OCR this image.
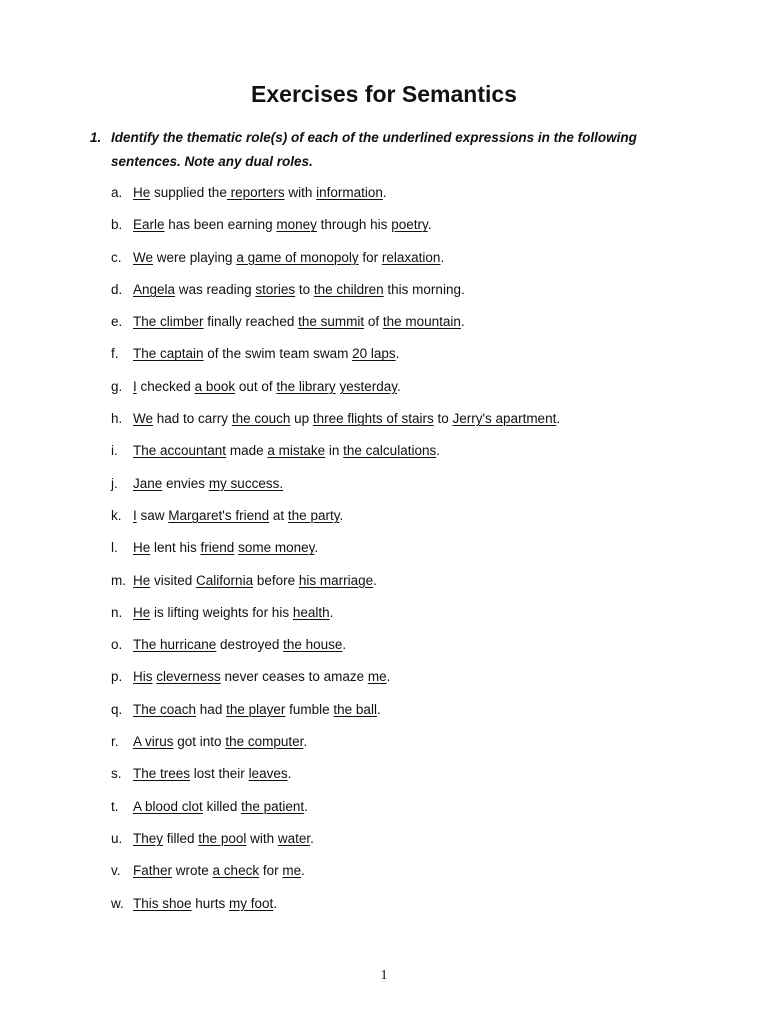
Exercises for Semantics
1. Identify the thematic role(s) of each of the underlined expressions in the following sentences. Note any dual roles.
a. He supplied the reporters with information.
b. Earle has been earning money through his poetry.
c. We were playing a game of monopoly for relaxation.
d. Angela was reading stories to the children this morning.
e. The climber finally reached the summit of the mountain.
f. The captain of the swim team swam 20 laps.
g. I checked a book out of the library yesterday.
h. We had to carry the couch up three flights of stairs to Jerry's apartment.
i. The accountant made a mistake in the calculations.
j. Jane envies my success.
k. I saw Margaret's friend at the party.
l. He lent his friend some money.
m. He visited California before his marriage.
n. He is lifting weights for his health.
o. The hurricane destroyed the house.
p. His cleverness never ceases to amaze me.
q. The coach had the player fumble the ball.
r. A virus got into the computer.
s. The trees lost their leaves.
t. A blood clot killed the patient.
u. They filled the pool with water.
v. Father wrote a check for me.
w. This shoe hurts my foot.
1
